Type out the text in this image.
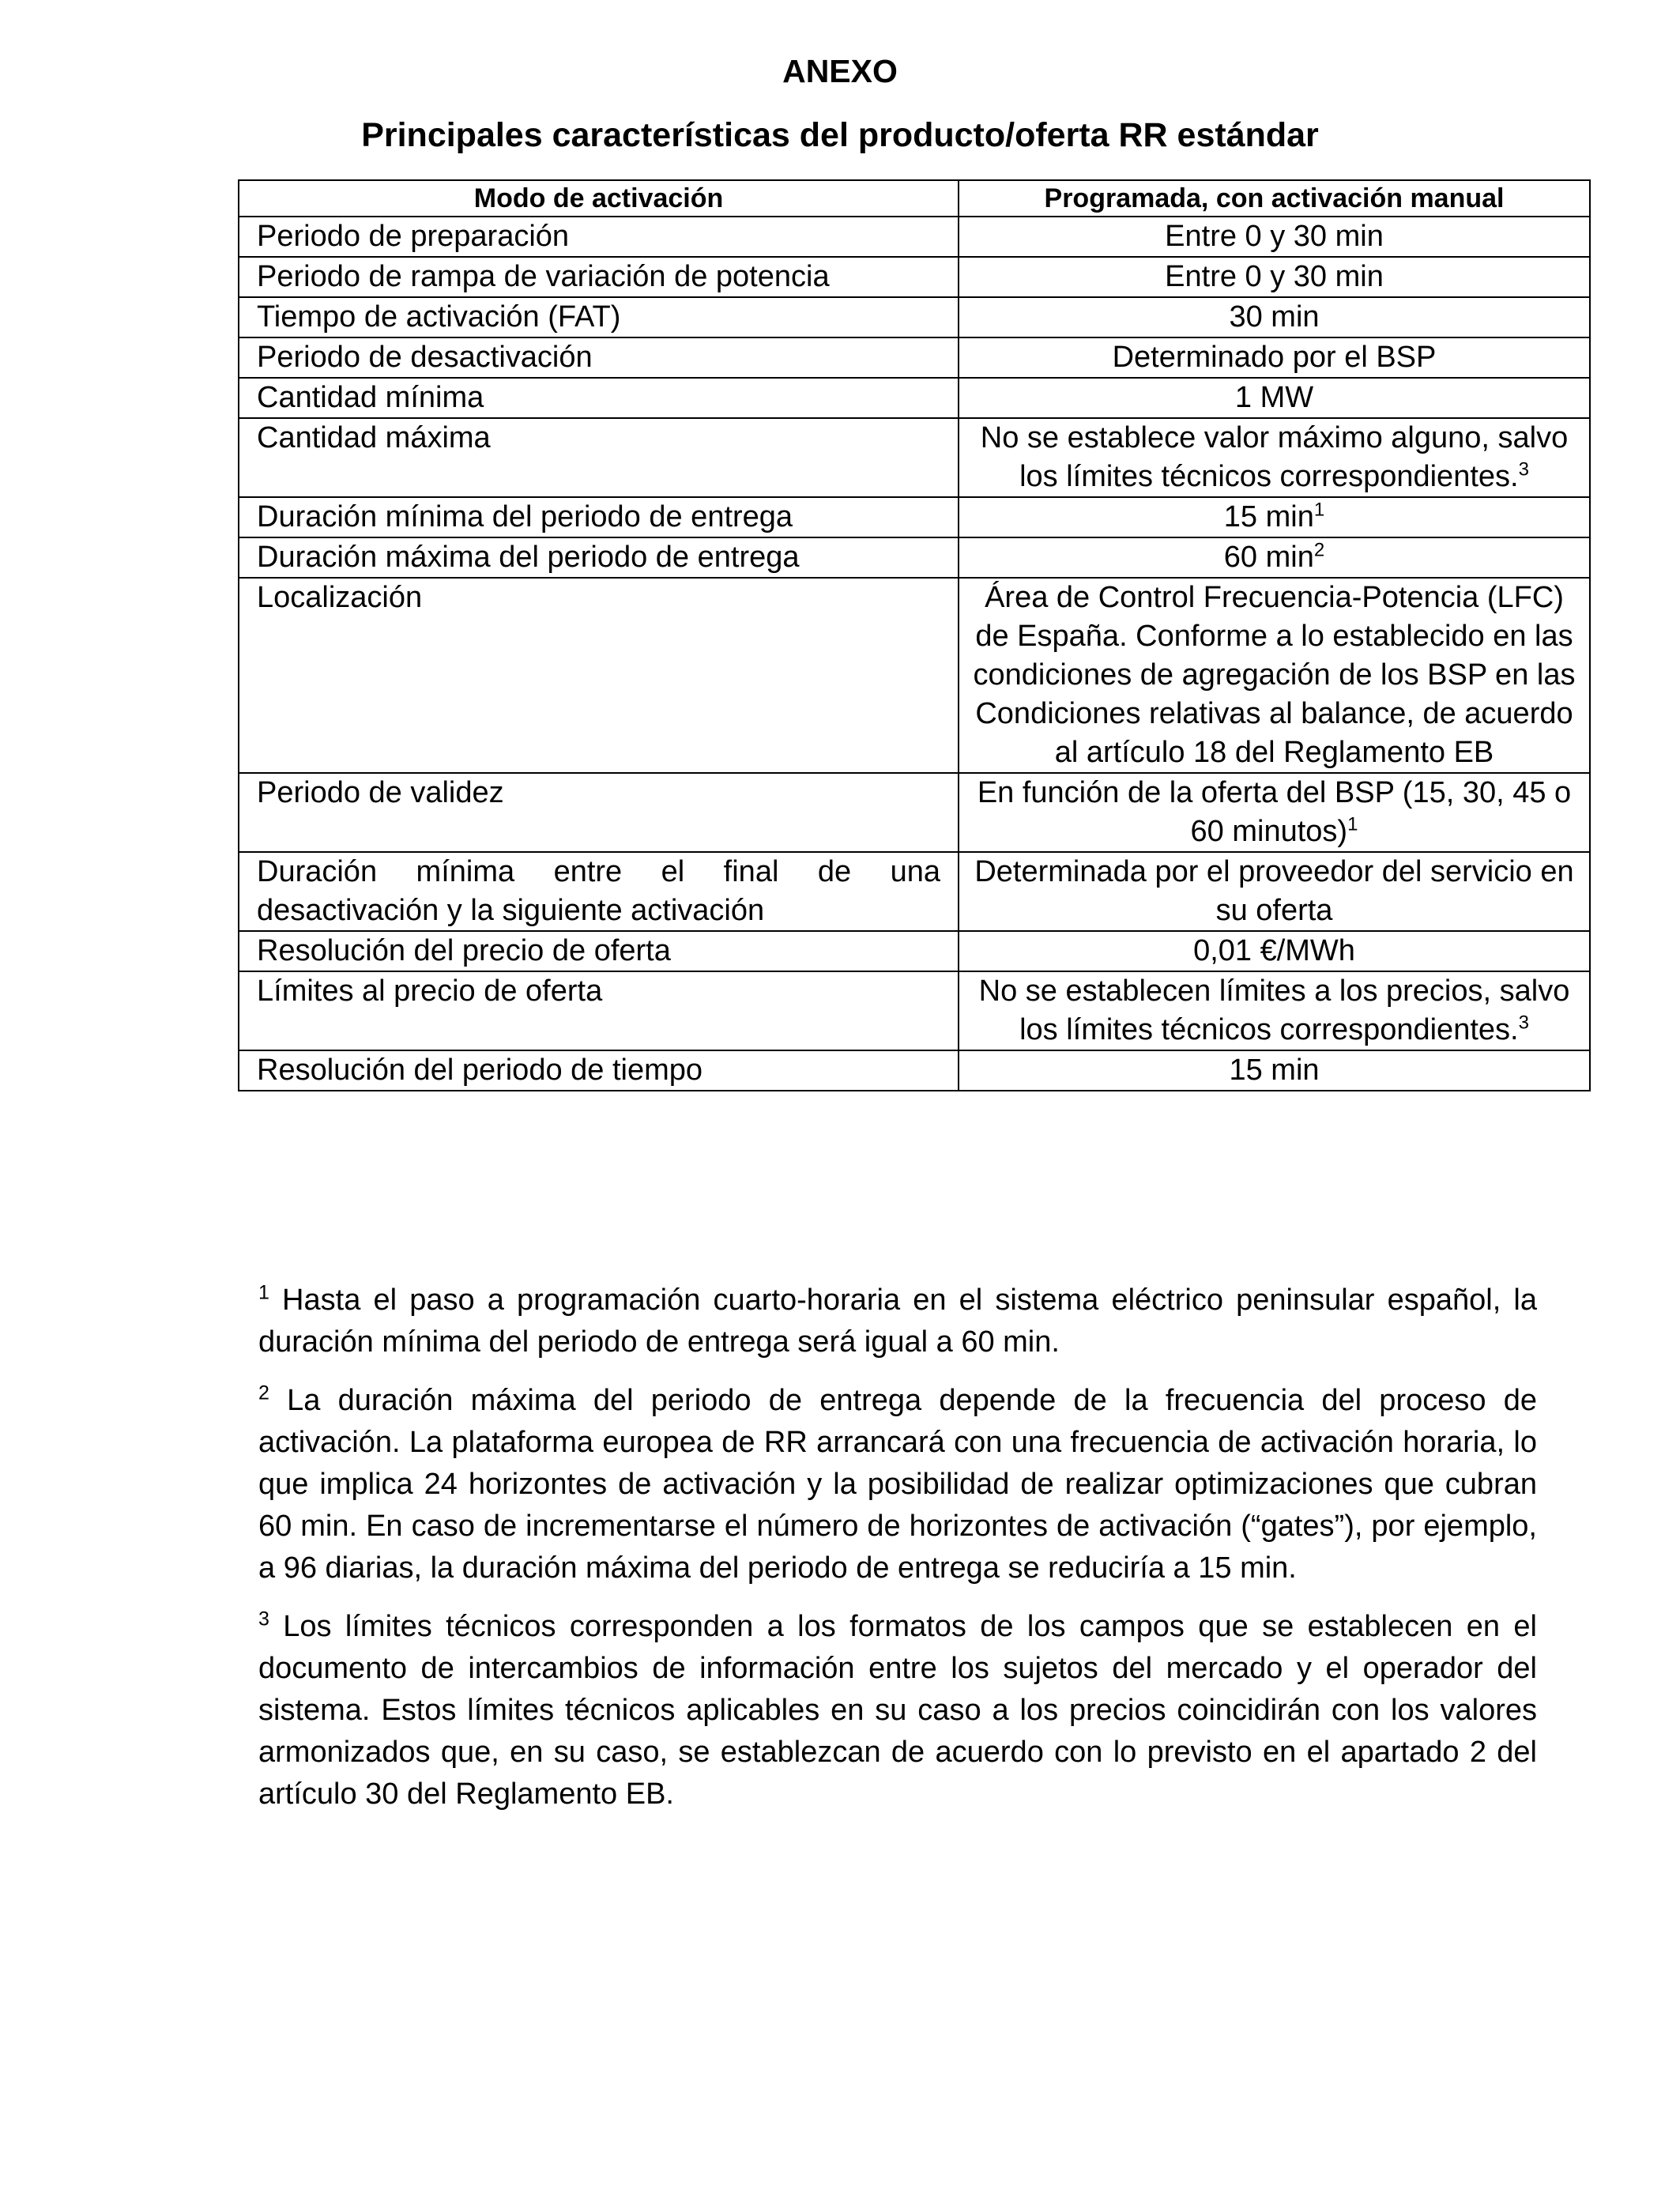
ANEXO
Principales características del producto/oferta RR estándar
Modo de activación	Programada, con activación manual
Periodo de preparación	Entre 0 y 30 min
Periodo de rampa de variación de potencia	Entre 0 y 30 min
Tiempo de activación (FAT)	30 min
Periodo de desactivación	Determinado por el BSP
Cantidad mínima	1 MW
Cantidad máxima	No se establece valor máximo alguno, salvo los límites técnicos correspondientes.$^3$
Duración mínima del periodo de entrega	15 $\min^1$
Duración máxima del periodo de entrega	60 $\min^2$
Localización	Área de Control Frecuencia-Potencia (LFC) de España. Conforme a lo establecido en las condiciones de agregación de los BSP en las Condiciones relativas al balance, de acuerdo al artículo 18 del Reglamento EB
Periodo de validez	En función de la oferta del BSP (15, 30, 45 o 60 minutos)$^1$
Duración mínima entre el final de una desactivación y la siguiente activación	Determinada por el proveedor del servicio en su oferta
Resolución del precio de oferta	0,01 €/MWh
Límites al precio de oferta	No se establecen límites a los precios, salvo los límites técnicos correspondientes.$^3$
Resolución del periodo de tiempo	15 min

$^1$ Hasta el paso a programación cuarto-horaria en el sistema eléctrico peninsular español, la duración mínima del periodo de entrega será igual a 60 min.

$^2$ La duración máxima del periodo de entrega depende de la frecuencia del proceso de activación. La plataforma europea de RR arrancará con una frecuencia de activación horaria, lo que implica 24 horizontes de activación y la posibilidad de realizar optimizaciones que cubran 60 min. En caso de incrementarse el número de horizontes de activación (“gates”), por ejemplo, a 96 diarias, la duración máxima del periodo de entrega se reduciría a 15 min.

$^3$ Los límites técnicos corresponden a los formatos de los campos que se establecen en el documento de intercambios de información entre los sujetos del mercado y el operador del sistema. Estos límites técnicos aplicables en su caso a los precios coincidirán con los valores armonizados que, en su caso, se establezcan de acuerdo con lo previsto en el apartado 2 del artículo 30 del Reglamento EB.
